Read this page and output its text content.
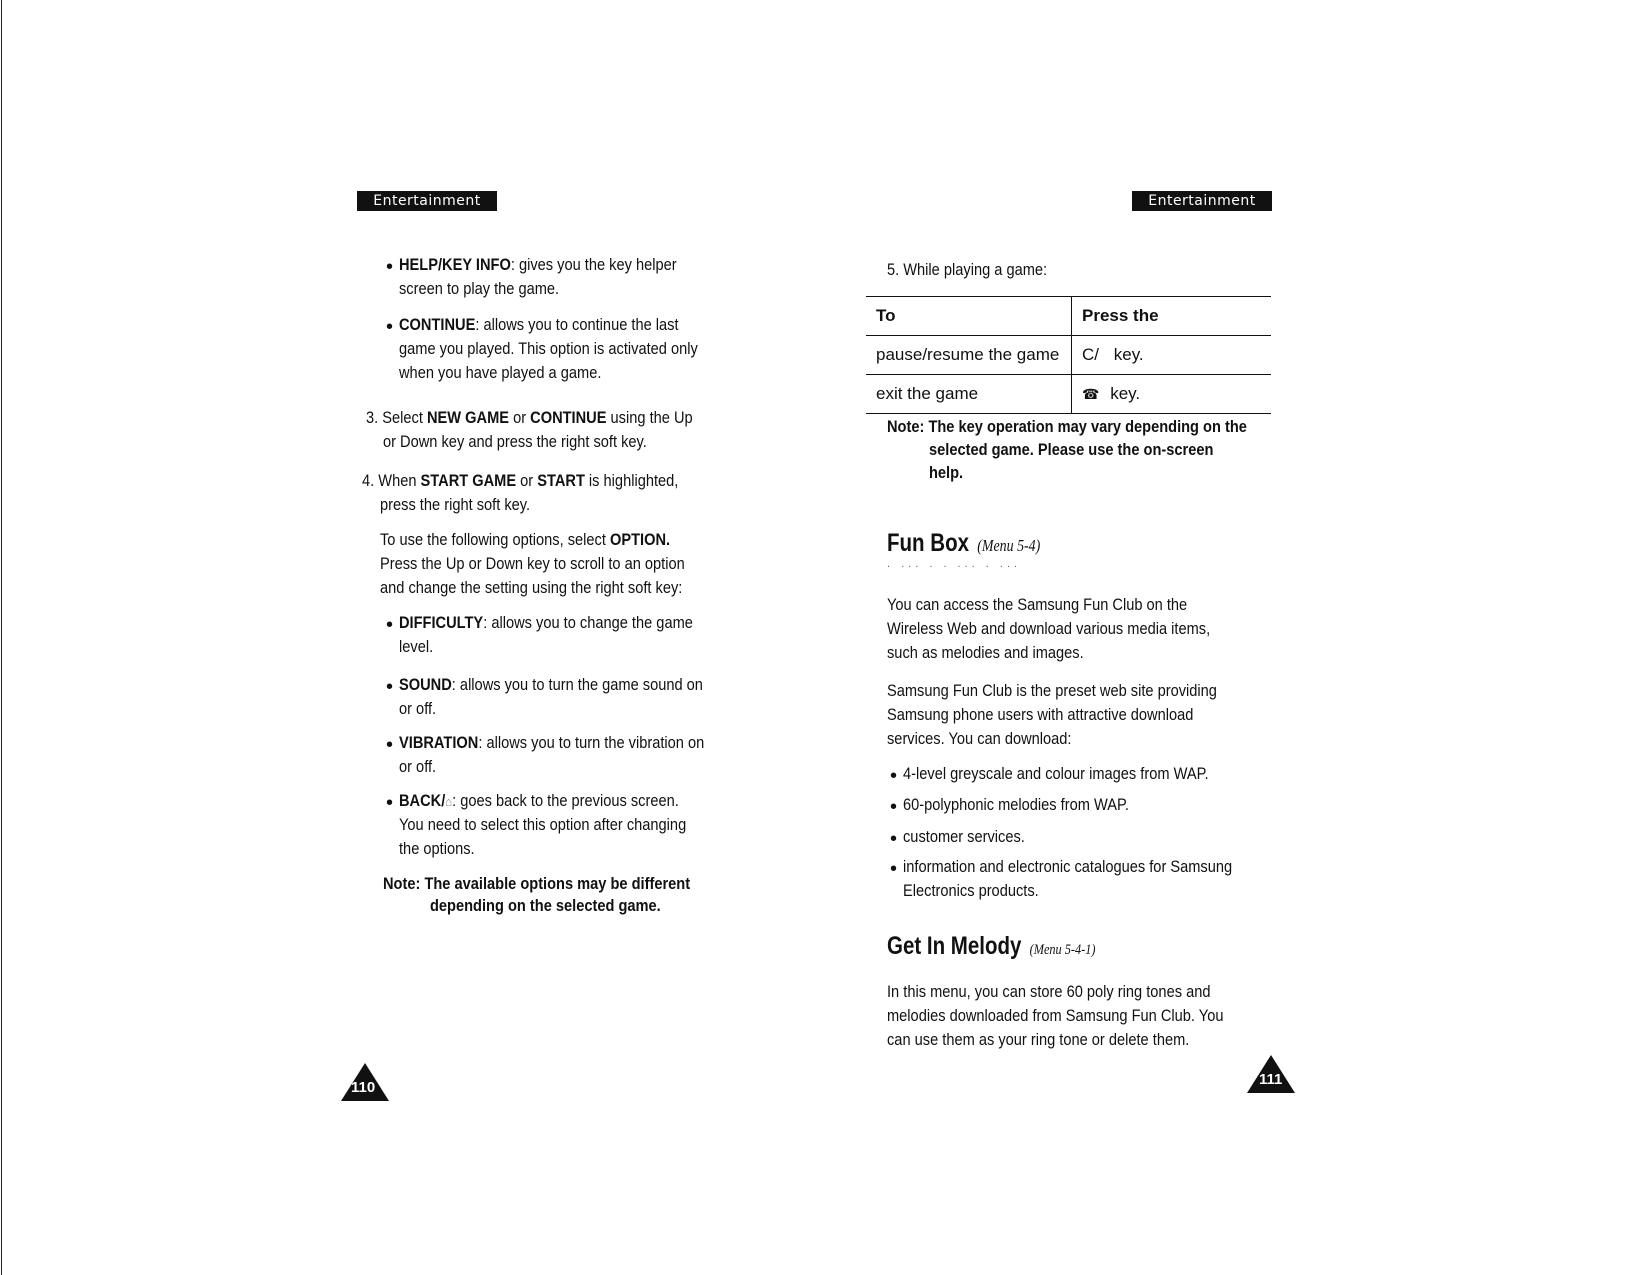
Entertainment
• HELP/KEY INFO: gives you the key helper
screen to play the game.
• CONTINUE: allows you to continue the last
game you played. This option is activated only
when you have played a game.
3. Select NEW GAME or CONTINUE using the Up
or Down key and press the right soft key.
4. When START GAME or START is highlighted,
press the right soft key.
To use the following options, select OPTION.
Press the Up or Down key to scroll to an option
and change the setting using the right soft key:
• DIFFICULTY: allows you to change the game
level.
• SOUND: allows you to turn the game sound on
or off.
• VIBRATION: allows you to turn the vibration on
or off.
• BACK/⌂: goes back to the previous screen.
You need to select this option after changing
the options.
Note: The available options may be different
depending on the selected game.
110
Entertainment
5. While playing a game:
To	Press the
pause/resume the game	C/ key.
exit the game	☎︎ key.
Note: The key operation may vary depending on the
selected game. Please use the on-screen
help.
Fun Box (Menu 5-4)
. ... . . ... . ...
You can access the Samsung Fun Club on the
Wireless Web and download various media items,
such as melodies and images.
Samsung Fun Club is the preset web site providing
Samsung phone users with attractive download
services. You can download:
• 4-level greyscale and colour images from WAP.
• 60-polyphonic melodies from WAP.
• customer services.
• information and electronic catalogues for Samsung
Electronics products.
Get In Melody (Menu 5-4-1)
In this menu, you can store 60 poly ring tones and
melodies downloaded from Samsung Fun Club. You
can use them as your ring tone or delete them.
111
